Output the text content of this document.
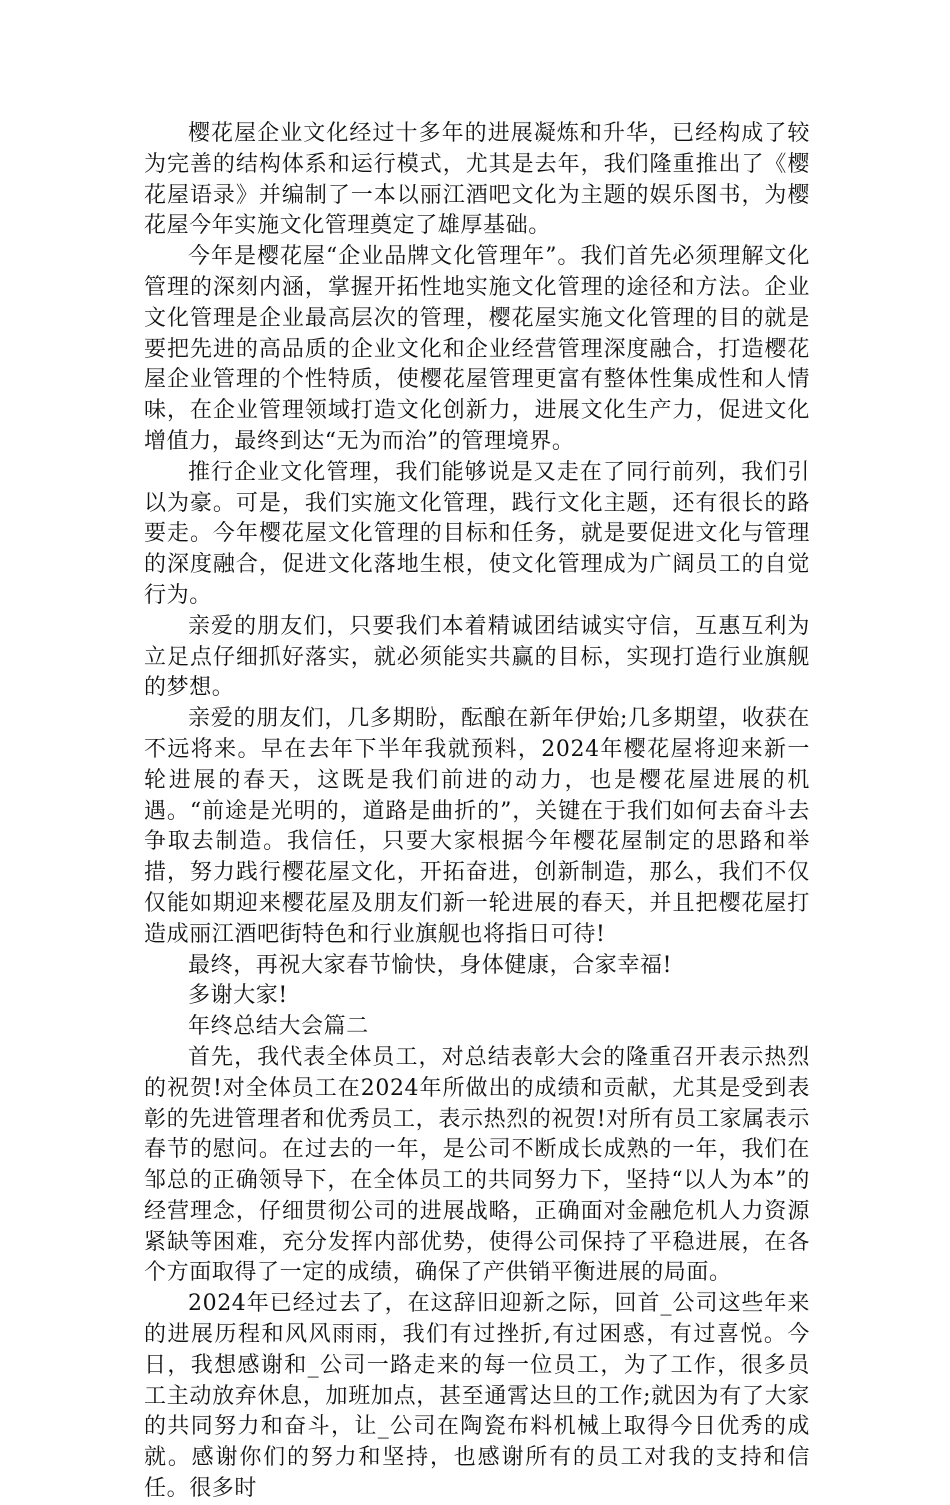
樱花屋企业文化经过十多年的进展凝炼和升华，已经构成了较为完善的结构体系和运行模式，尤其是去年，我们隆重推出了《樱花屋语录》并编制了一本以丽江酒吧文化为主题的娱乐图书，为樱花屋今年实施文化管理奠定了雄厚基础。

今年是樱花屋“企业品牌文化管理年”。我们首先必须理解文化管理的深刻内涵，掌握开拓性地实施文化管理的途径和方法。企业文化管理是企业最高层次的管理，樱花屋实施文化管理的目的就是要把先进的高品质的企业文化和企业经营管理深度融合，打造樱花屋企业管理的个性特质，使樱花屋管理更富有整体性集成性和人情味，在企业管理领域打造文化创新力，进展文化生产力，促进文化增值力，最终到达“无为而治”的管理境界。

推行企业文化管理，我们能够说是又走在了同行前列，我们引以为豪。可是，我们实施文化管理，践行文化主题，还有很长的路要走。今年樱花屋文化管理的目标和任务，就是要促进文化与管理的深度融合，促进文化落地生根，使文化管理成为广阔员工的自觉行为。

亲爱的朋友们，只要我们本着精诚团结诚实守信，互惠互利为立足点仔细抓好落实，就必须能实共赢的目标，实现打造行业旗舰的梦想。

亲爱的朋友们，几多期盼，酝酿在新年伊始;几多期望，收获在不远将来。早在去年下半年我就预料，2024年樱花屋将迎来新一轮进展的春天，这既是我们前进的动力，也是樱花屋进展的机遇。“前途是光明的，道路是曲折的”，关键在于我们如何去奋斗去争取去制造。我信任，只要大家根据今年樱花屋制定的思路和举措，努力践行樱花屋文化，开拓奋进，创新制造，那么，我们不仅仅能如期迎来樱花屋及朋友们新一轮进展的春天，并且把樱花屋打造成丽江酒吧街特色和行业旗舰也将指日可待!

最终，再祝大家春节愉快，身体健康，合家幸福!

多谢大家!

年终总结大会篇二

首先，我代表全体员工，对总结表彰大会的隆重召开表示热烈的祝贺!对全体员工在2024年所做出的成绩和贡献，尤其是受到表彰的先进管理者和优秀员工，表示热烈的祝贺!对所有员工家属表示春节的慰问。在过去的一年，是公司不断成长成熟的一年，我们在邹总的正确领导下，在全体员工的共同努力下，坚持“以人为本”的经营理念，仔细贯彻公司的进展战略，正确面对金融危机人力资源紧缺等困难，充分发挥内部优势，使得公司保持了平稳进展，在各个方面取得了一定的成绩，确保了产供销平衡进展的局面。

2024年已经过去了，在这辞旧迎新之际，回首_公司这些年来的进展历程和风风雨雨，我们有过挫折,有过困惑，有过喜悦。今日，我想感谢和_公司一路走来的每一位员工，为了工作，很多员工主动放弃休息，加班加点，甚至通霄达旦的工作;就因为有了大家的共同努力和奋斗，让_公司在陶瓷布料机械上取得今日优秀的成就。感谢你们的努力和坚持，也感谢所有的员工对我的支持和信任。很多时
